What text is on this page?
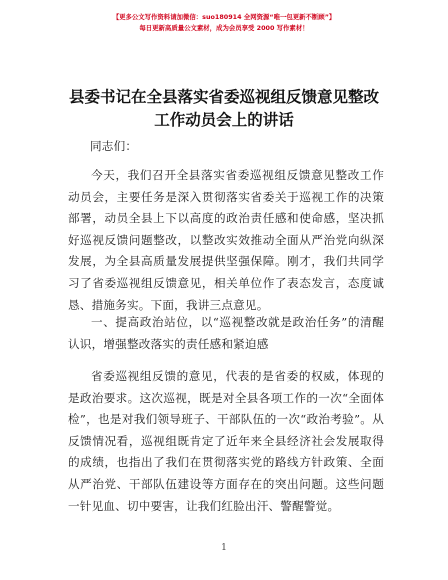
【更多公文写作资料请加微信：suo180914 全网资源“唯一包更新不断顾”】
每日更新高质量公文素材，成为会员享受 2000 写作素材！
县委书记在全县落实省委巡视组反馈意见整改
工作动员会上的讲话
同志们：
今天，我们召开全县落实省委巡视组反馈意见整改工作动员会，主要任务是深入贯彻落实省委关于巡视工作的决策部署，动员全县上下以高度的政治责任感和使命感，坚决抓好巡视反馈问题整改，以整改实效推动全面从严治党向纵深发展，为全县高质量发展提供坚强保障。刚才，我们共同学习了省委巡视组反馈意见，相关单位作了表态发言，态度诚恳、措施务实。下面，我讲三点意见。
一、提高政治站位，以“巡视整改就是政治任务”的清醒认识，增强整改落实的责任感和紧迫感
省委巡视组反馈的意见，代表的是省委的权威，体现的是政治要求。这次巡视，既是对全县各项工作的一次“全面体检”，也是对我们领导班子、干部队伍的一次“政治考验”。从反馈情况看，巡视组既肯定了近年来全县经济社会发展取得的成绩，也指出了我们在贯彻落实党的路线方针政策、全面从严治党、干部队伍建设等方面存在的突出问题。这些问题一针见血、切中要害，让我们红脸出汗、警醒警觉。
1
